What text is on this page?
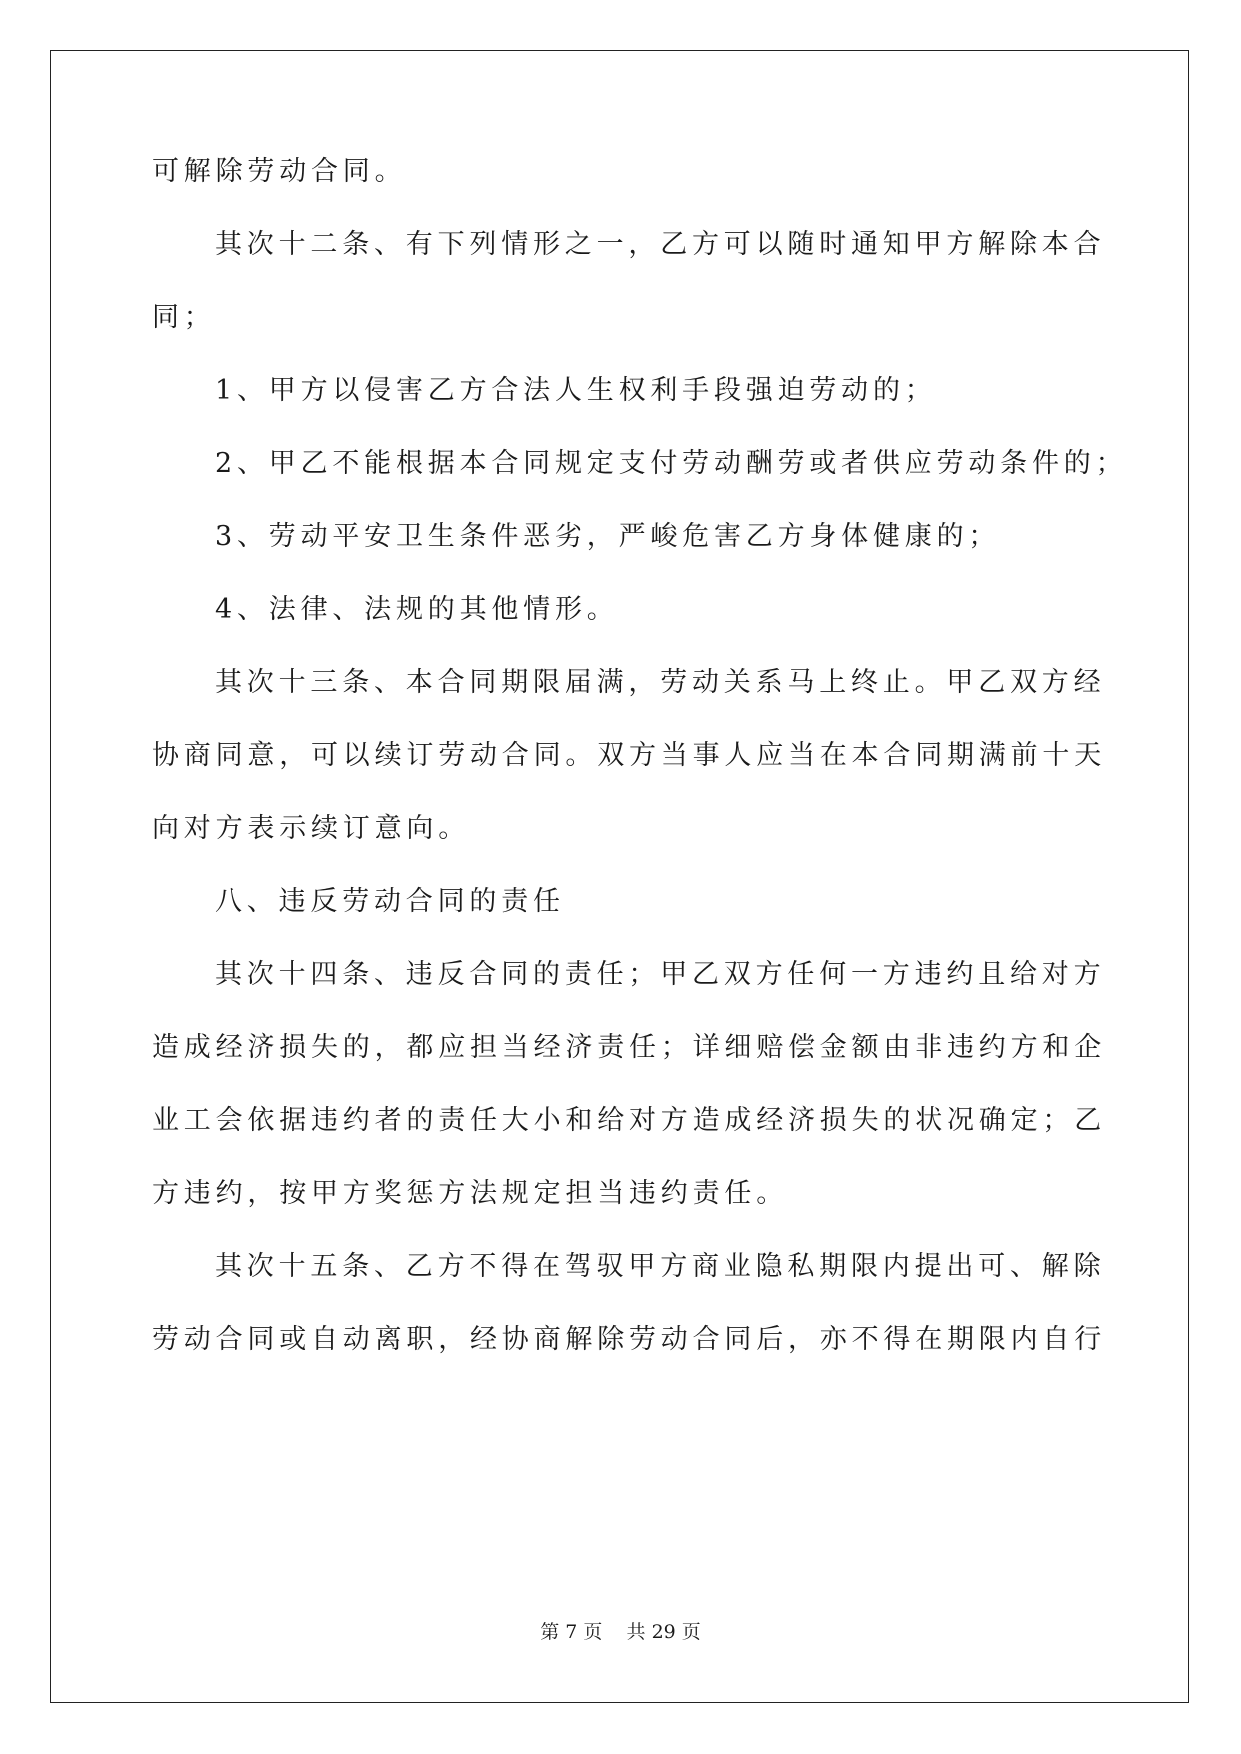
可解除劳动合同。
其次十二条、有下列情形之一，乙方可以随时通知甲方解除本合
同；
1、甲方以侵害乙方合法人生权利手段强迫劳动的；
2、甲乙不能根据本合同规定支付劳动酬劳或者供应劳动条件的；
3、劳动平安卫生条件恶劣，严峻危害乙方身体健康的；
4、法律、法规的其他情形。
其次十三条、本合同期限届满，劳动关系马上终止。甲乙双方经
协商同意，可以续订劳动合同。双方当事人应当在本合同期满前十天
向对方表示续订意向。
八、违反劳动合同的责任
其次十四条、违反合同的责任；甲乙双方任何一方违约且给对方
造成经济损失的，都应担当经济责任；详细赔偿金额由非违约方和企
业工会依据违约者的责任大小和给对方造成经济损失的状况确定；乙
方违约，按甲方奖惩方法规定担当违约责任。
其次十五条、乙方不得在驾驭甲方商业隐私期限内提出可、解除
劳动合同或自动离职，经协商解除劳动合同后，亦不得在期限内自行
第 7 页    共 29 页
